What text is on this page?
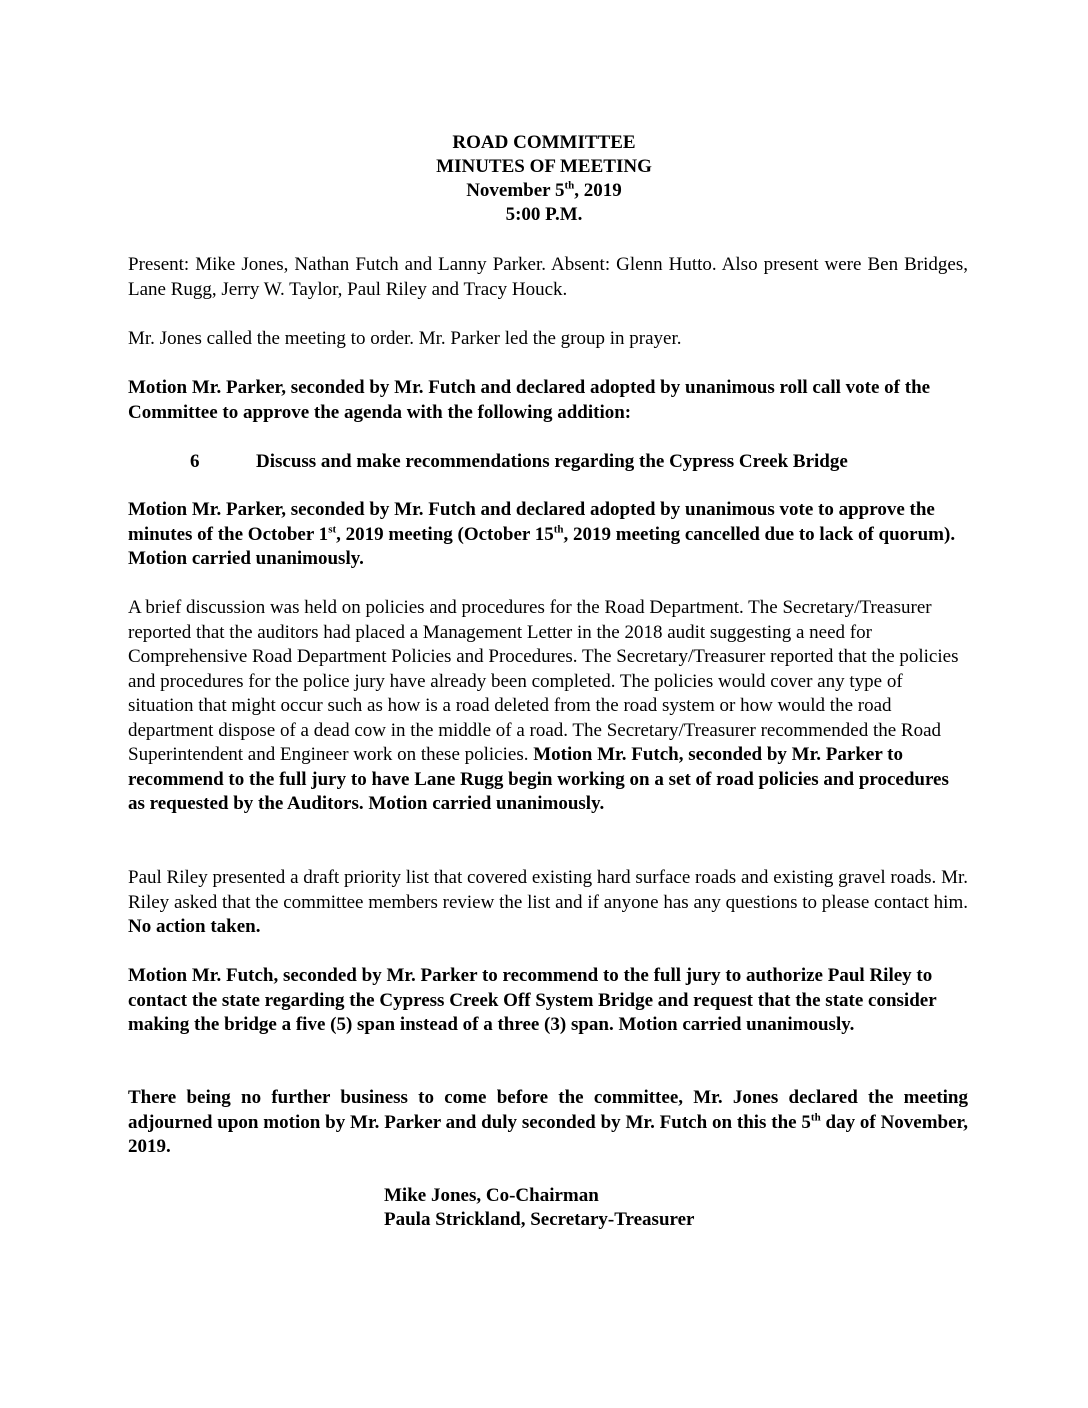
ROAD COMMITTEE
MINUTES OF MEETING
November 5th, 2019
5:00 P.M.
Present: Mike Jones, Nathan Futch and Lanny Parker. Absent: Glenn Hutto. Also present were Ben Bridges, Lane Rugg, Jerry W. Taylor, Paul Riley and Tracy Houck.
Mr. Jones called the meeting to order. Mr. Parker led the group in prayer.
Motion Mr. Parker, seconded by Mr. Futch and declared adopted by unanimous roll call vote of the Committee to approve the agenda with the following addition:
6	Discuss and make recommendations regarding the Cypress Creek Bridge
Motion Mr. Parker, seconded by Mr. Futch and declared adopted by unanimous vote to approve the minutes of the October 1st, 2019 meeting (October 15th, 2019 meeting cancelled due to lack of quorum). Motion carried unanimously.
A brief discussion was held on policies and procedures for the Road Department. The Secretary/Treasurer reported that the auditors had placed a Management Letter in the 2018 audit suggesting a need for Comprehensive Road Department Policies and Procedures. The Secretary/Treasurer reported that the policies and procedures for the police jury have already been completed. The policies would cover any type of situation that might occur such as how is a road deleted from the road system or how would the road department dispose of a dead cow in the middle of a road. The Secretary/Treasurer recommended the Road Superintendent and Engineer work on these policies. Motion Mr. Futch, seconded by Mr. Parker to recommend to the full jury to have Lane Rugg begin working on a set of road policies and procedures as requested by the Auditors. Motion carried unanimously.
Paul Riley presented a draft priority list that covered existing hard surface roads and existing gravel roads. Mr. Riley asked that the committee members review the list and if anyone has any questions to please contact him. No action taken.
Motion Mr. Futch, seconded by Mr. Parker to recommend to the full jury to authorize Paul Riley to contact the state regarding the Cypress Creek Off System Bridge and request that the state consider making the bridge a five (5) span instead of a three (3) span. Motion carried unanimously.
There being no further business to come before the committee, Mr. Jones declared the meeting adjourned upon motion by Mr. Parker and duly seconded by Mr. Futch on this the 5th day of November, 2019.
Mike Jones, Co-Chairman
Paula Strickland, Secretary-Treasurer
